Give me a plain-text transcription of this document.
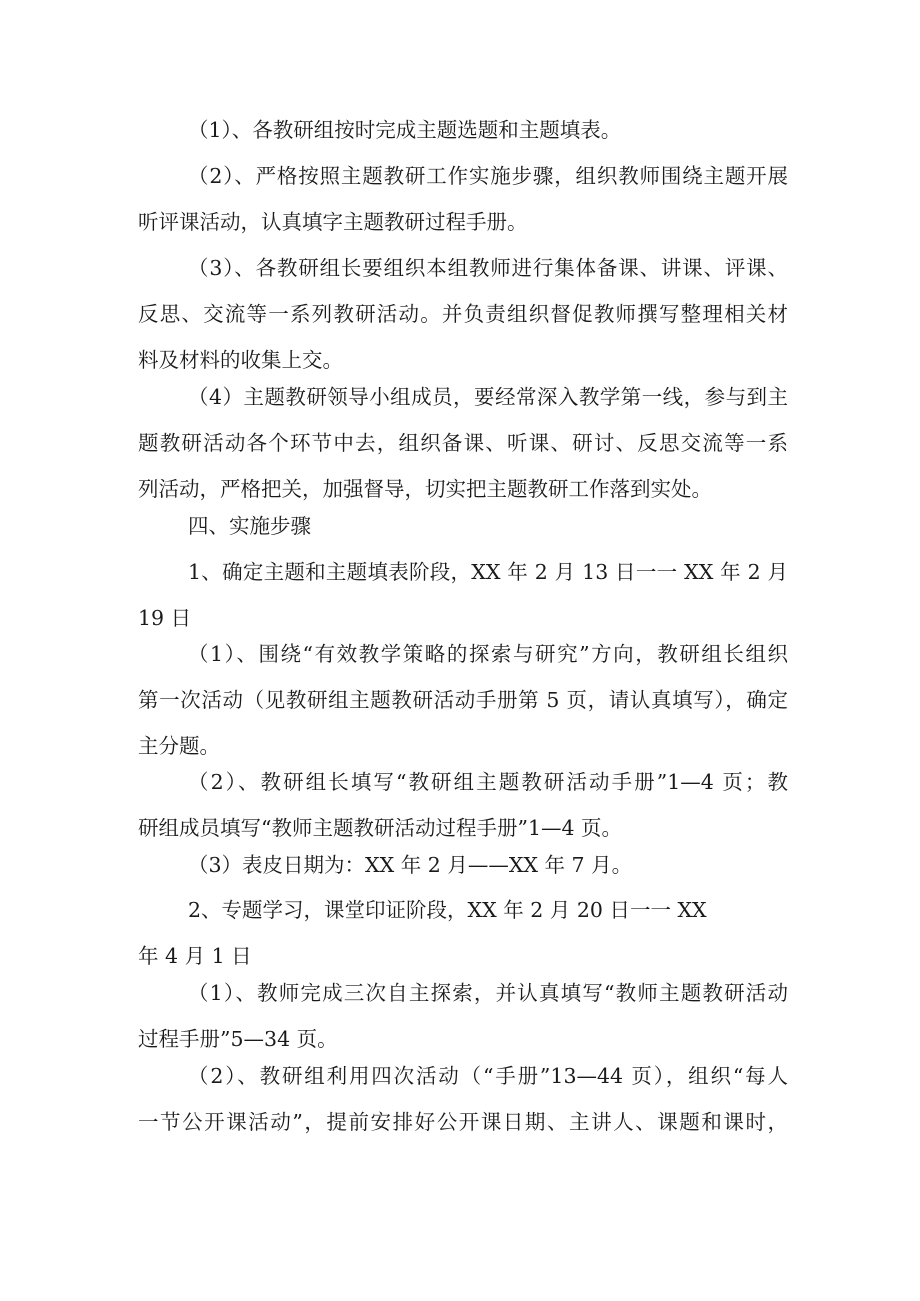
（1）、各教研组按时完成主题选题和主题填表。
（2）、严格按照主题教研工作实施步骤，组织教师围绕主题开展
听评课活动，认真填字主题教研过程手册。
（3）、各教研组长要组织本组教师进行集体备课、讲课、评课、
反思、交流等一系列教研活动。并负责组织督促教师撰写整理相关材
料及材料的收集上交。
（4）主题教研领导小组成员，要经常深入教学第一线，参与到主
题教研活动各个环节中去，组织备课、听课、研讨、反思交流等一系
列活动，严格把关，加强督导，切实把主题教研工作落到实处。
四、实施步骤
1、确定主题和主题填表阶段，XX 年 2 月 13 日一一 XX 年 2 月
19 日
（1）、围绕“有效教学策略的探索与研究”方向，教研组长组织
第一次活动（见教研组主题教研活动手册第 5 页，请认真填写），确定
主分题。
（2）、教研组长填写“教研组主题教研活动手册”1—4 页；教
研组成员填写“教师主题教研活动过程手册”1—4 页。
（3）表皮日期为：XX 年 2 月——XX 年 7 月。
2、专题学习，课堂印证阶段，XX 年 2 月 20 日一一 XX
年 4 月 1 日
（1）、教师完成三次自主探索，并认真填写“教师主题教研活动
过程手册”5—34 页。
（2）、教研组利用四次活动（“手册”13—44 页），组织“每人
一节公开课活动”，提前安排好公开课日期、主讲人、课题和课时，
